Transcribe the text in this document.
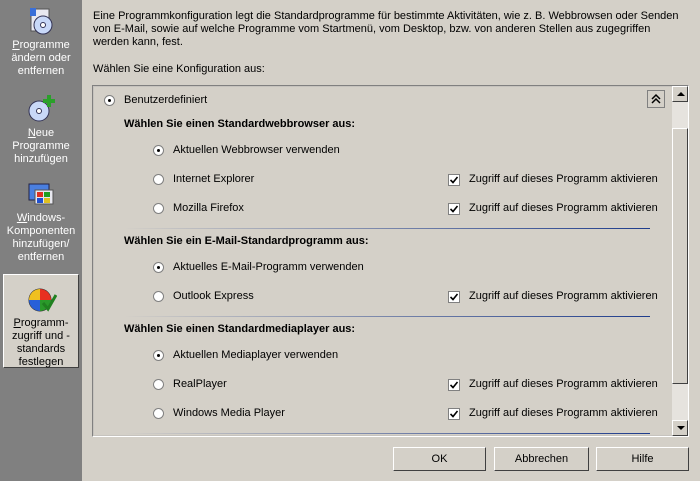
Programme ändern oder entfernen
Neue Programme hinzufügen
Windows-Komponenten hinzufügen/ entfernen
Programm-zugriff und -standards festlegen
Eine Programmkonfiguration legt die Standardprogramme für bestimmte Aktivitäten, wie z. B. Webbrowsen oder Senden von E-Mail, sowie auf welche Programme vom Startmenü, vom Desktop, bzw. von anderen Stellen aus zugegriffen werden kann, fest.
Wählen Sie eine Konfiguration aus:
Benutzerdefiniert
Wählen Sie einen Standardwebbrowser aus:
Aktuellen Webbrowser verwenden
Internet Explorer	Zugriff auf dieses Programm aktivieren
Mozilla Firefox	Zugriff auf dieses Programm aktivieren
Wählen Sie ein E-Mail-Standardprogramm aus:
Aktuelles E-Mail-Programm verwenden
Outlook Express	Zugriff auf dieses Programm aktivieren
Wählen Sie einen Standardmediaplayer aus:
Aktuellen Mediaplayer verwenden
RealPlayer	Zugriff auf dieses Programm aktivieren
Windows Media Player	Zugriff auf dieses Programm aktivieren
OK	Abbrechen	Hilfe
